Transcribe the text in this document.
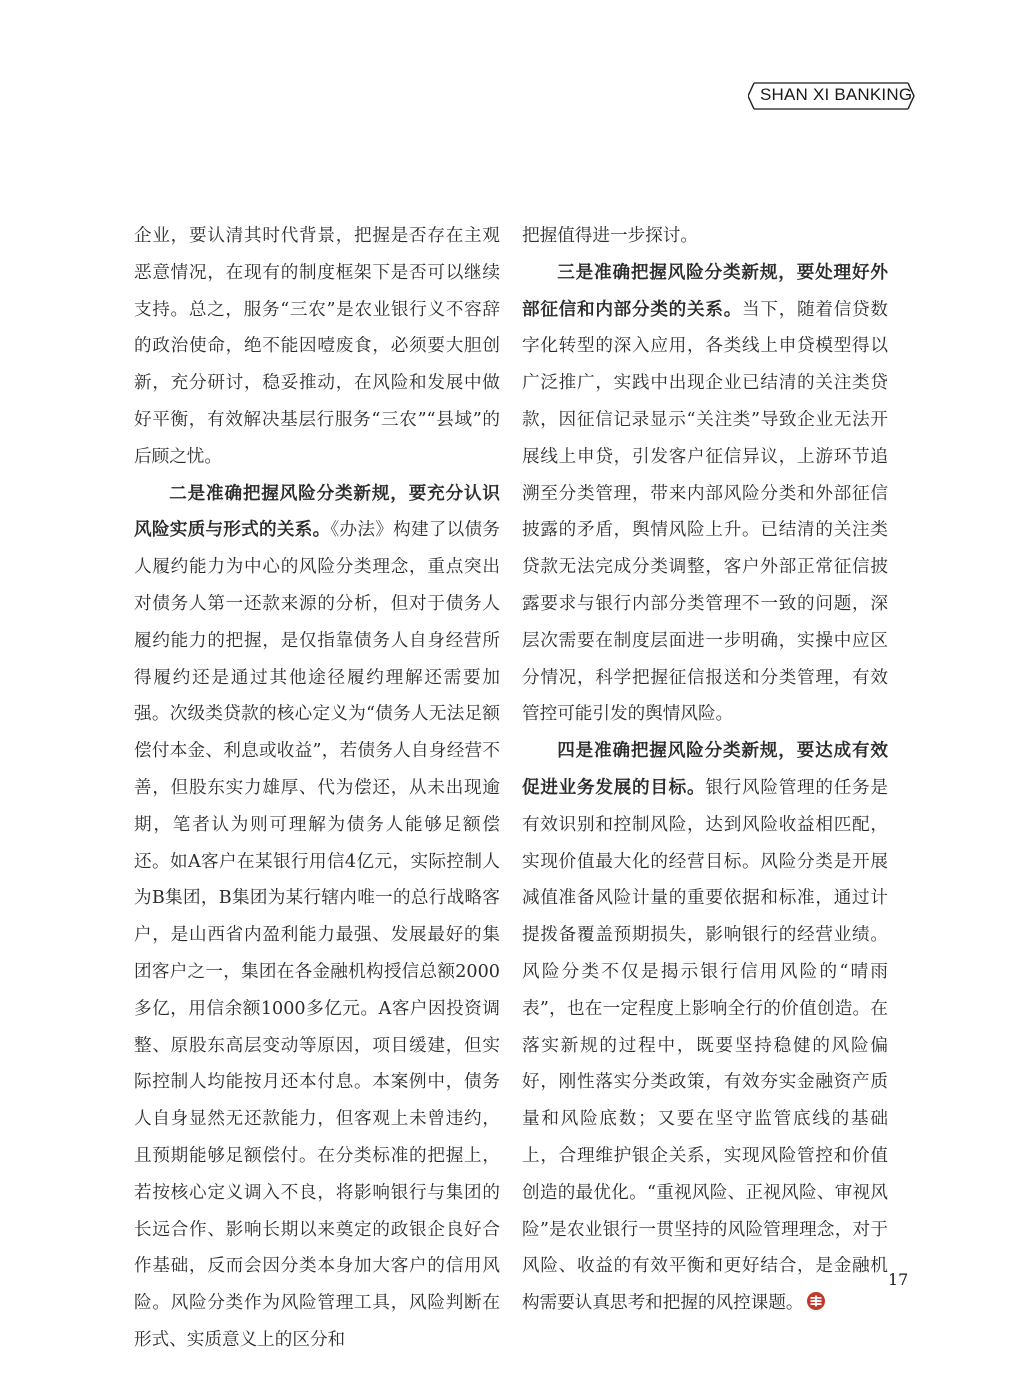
SHAN XI BANKING

企业，要认清其时代背景，把握是否存在主观恶意情况，在现有的制度框架下是否可以继续支持。总之，服务“三农”是农业银行义不容辞的政治使命，绝不能因噎废食，必须要大胆创新，充分研讨，稳妥推动，在风险和发展中做好平衡，有效解决基层行服务“三农”“县域”的后顾之忧。

二是准确把握风险分类新规，要充分认识风险实质与形式的关系。《办法》构建了以债务人履约能力为中心的风险分类理念，重点突出对债务人第一还款来源的分析，但对于债务人履约能力的把握，是仅指靠债务人自身经营所得履约还是通过其他途径履约理解还需要加强。次级类贷款的核心定义为“债务人无法足额偿付本金、利息或收益”，若债务人自身经营不善，但股东实力雄厚、代为偿还，从未出现逾期，笔者认为则可理解为债务人能够足额偿还。如A客户在某银行用信4亿元，实际控制人为B集团，B集团为某行辖内唯一的总行战略客户，是山西省内盈利能力最强、发展最好的集团客户之一，集团在各金融机构授信总额2000多亿，用信余额1000多亿元。A客户因投资调整、原股东高层变动等原因，项目缓建，但实际控制人均能按月还本付息。本案例中，债务人自身显然无还款能力，但客观上未曾违约，且预期能够足额偿付。在分类标准的把握上，若按核心定义调入不良，将影响银行与集团的长远合作、影响长期以来奠定的政银企良好合作基础，反而会因分类本身加大客户的信用风险。风险分类作为风险管理工具，风险判断在形式、实质意义上的区分和

把握值得进一步探讨。

三是准确把握风险分类新规，要处理好外部征信和内部分类的关系。当下，随着信贷数字化转型的深入应用，各类线上申贷模型得以广泛推广，实践中出现企业已结清的关注类贷款，因征信记录显示“关注类”导致企业无法开展线上申贷，引发客户征信异议，上游环节追溯至分类管理，带来内部风险分类和外部征信披露的矛盾，舆情风险上升。已结清的关注类贷款无法完成分类调整，客户外部正常征信披露要求与银行内部分类管理不一致的问题，深层次需要在制度层面进一步明确，实操中应区分情况，科学把握征信报送和分类管理，有效管控可能引发的舆情风险。

四是准确把握风险分类新规，要达成有效促进业务发展的目标。银行风险管理的任务是有效识别和控制风险，达到风险收益相匹配，实现价值最大化的经营目标。风险分类是开展减值准备风险计量的重要依据和标准，通过计提拨备覆盖预期损失，影响银行的经营业绩。风险分类不仅是揭示银行信用风险的“晴雨表”，也在一定程度上影响全行的价值创造。在落实新规的过程中，既要坚持稳健的风险偏好，刚性落实分类政策，有效夯实金融资产质量和风险底数；又要在坚守监管底线的基础上，合理维护银企关系，实现风险管控和价值创造的最优化。“重视风险、正视风险、审视风险”是农业银行一贯坚持的风险管理理念，对于风险、收益的有效平衡和更好结合，是金融机构需要认真思考和把握的风控课题。

17
